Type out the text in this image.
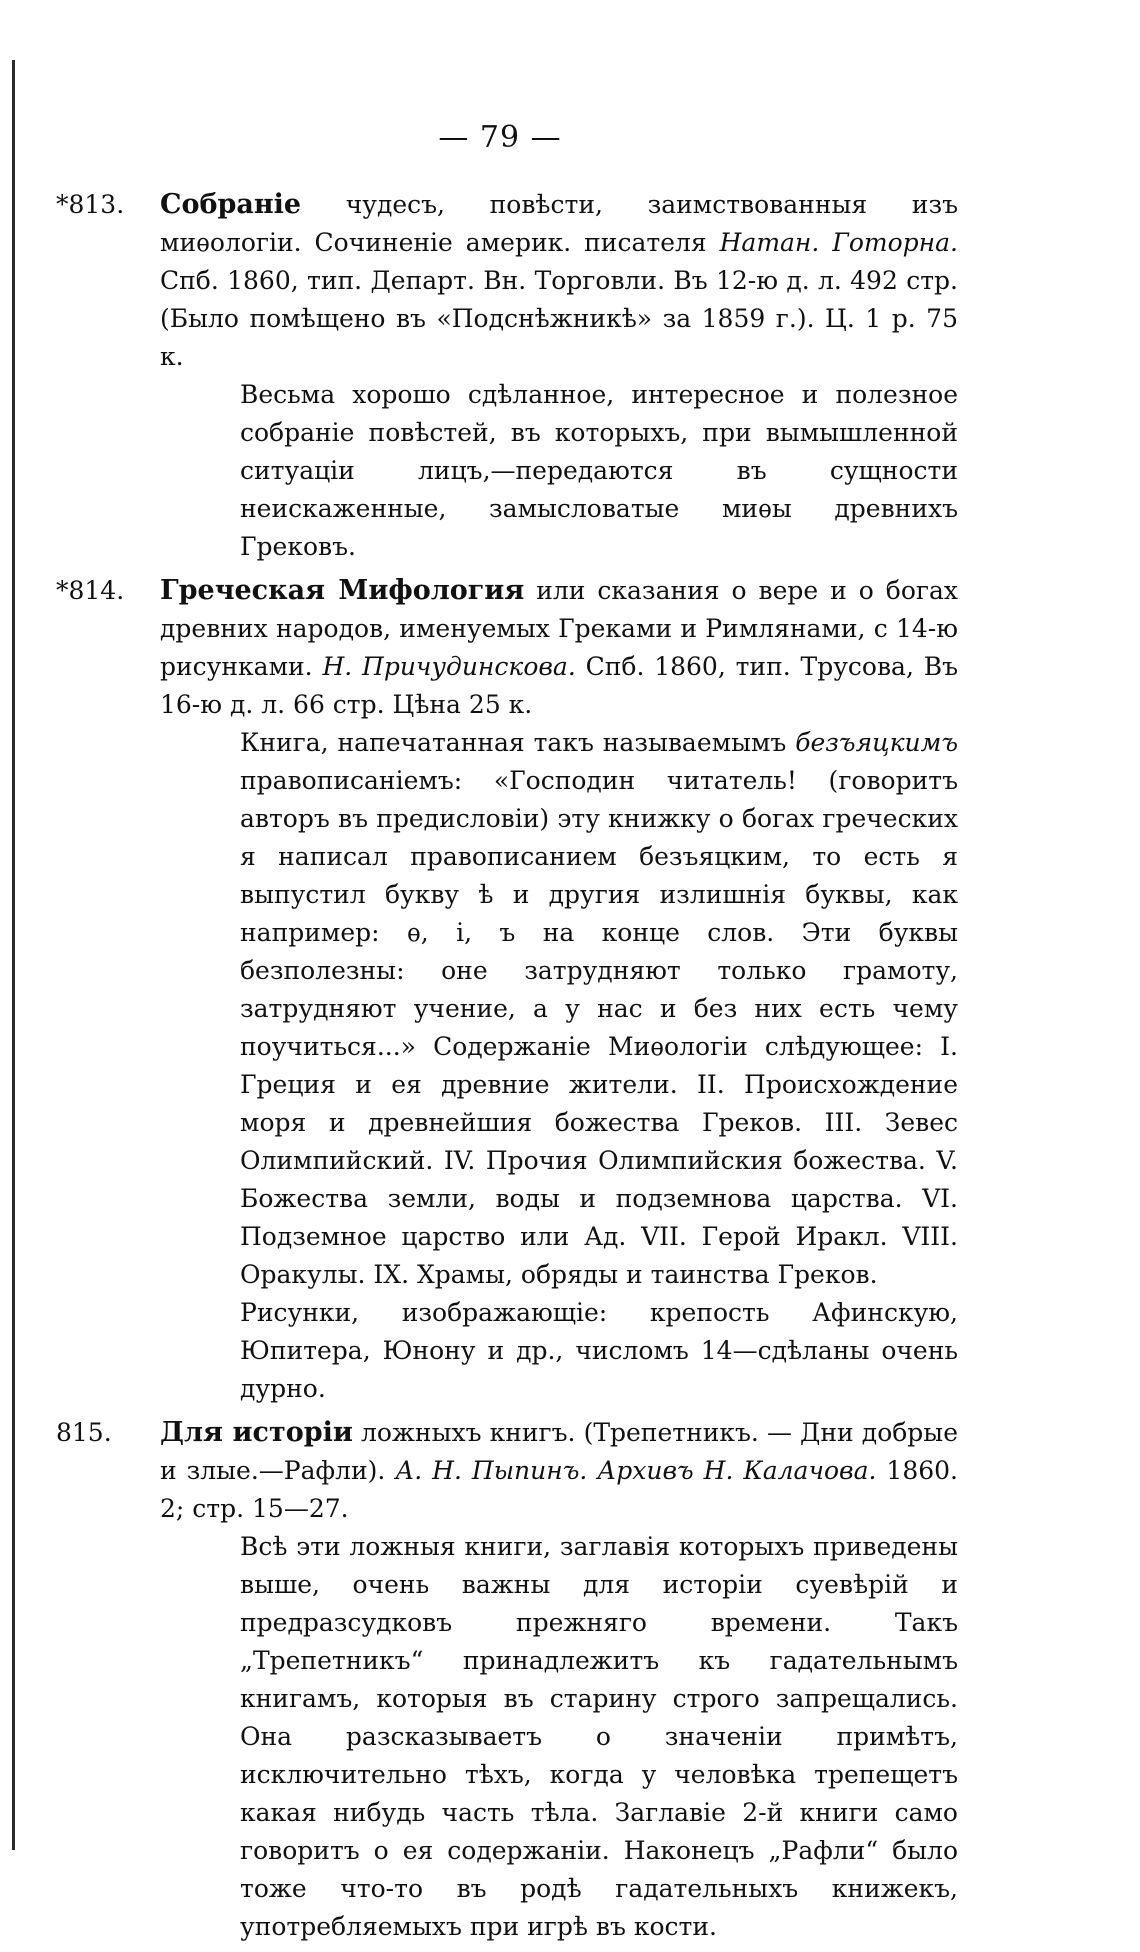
— 79 —

*813.	Собраніе чудесъ, повѣсти, заимствованныя изъ миѳологіи. Сочиненіе америк. писателя Натан. Готорна. Спб. 1860, тип. Департ. Вн. Торговли. Въ 12-ю д. л. 492 стр. (Было помѣщено въ «Подснѣжникѣ» за 1859 г.). Ц. 1 р. 75 к.

Весьма хорошо сдѣланное, интересное и полезное собраніе повѣстей, въ которыхъ, при вымышленной ситуаціи лицъ,—передаются въ сущности неискаженные, замысловатые миѳы древнихъ Грековъ.

*814.	Греческая Мифология или сказания о вере и о богах древних народов, именуемых Греками и Римлянами, с 14-ю рисунками. Н. Причудинскова. Спб. 1860, тип. Трусова, Въ 16-ю д. л. 66 стр. Цѣна 25 к.

Книга, напечатанная такъ называемымъ безъяцкимъ правописаніемъ: «Господин читатель! (говоритъ авторъ въ предисловіи) эту книжку о богах греческих я написал правописанием безъяцким, то есть я выпустил букву ѣ и другия излишнія буквы, как например: ѳ, і, ъ на конце слов. Эти буквы безполезны: оне затрудняют только грамоту, затрудняют учение, а у нас и без них есть чему поучиться...» Содержаніе Миѳологіи слѣдующее: I. Греция и ея древние жители. II. Происхождение моря и древнейшия божества Греков. III. Зевес Олимпийский. IV. Прочия Олимпийския божества. V. Божества земли, воды и подземнова царства. VI. Подземное царство или Ад. VII. Герой Иракл. VIII. Оракулы. IX. Храмы, обряды и таинства Греков.

Рисунки, изображающіе: крепость Афинскую, Юпитера, Юнону и др., числомъ 14—сдѣланы очень дурно.

815.	Для исторіи ложныхъ книгъ. (Трепетникъ. — Дни добрые и злые.—Рафли). А. Н. Пыпинъ. Архивъ Н. Калачова. 1860. 2; стр. 15—27.

Всѣ эти ложныя книги, заглавія которыхъ приведены выше, очень важны для исторіи суевѣрій и предразсудковъ прежняго времени. Такъ „Трепетникъ“ принадлежитъ къ гадательнымъ книгамъ, которыя въ старину строго запрещались. Она разсказываетъ о значеніи примѣтъ, исключительно тѣхъ, когда у человѣка трепещетъ какая нибудь часть тѣла. Заглавіе 2-й книги само говоритъ о ея содержаніи. Наконецъ „Рафли“ было тоже что-то въ родѣ гадательныхъ книжекъ, употребляемыхъ при игрѣ въ кости.
